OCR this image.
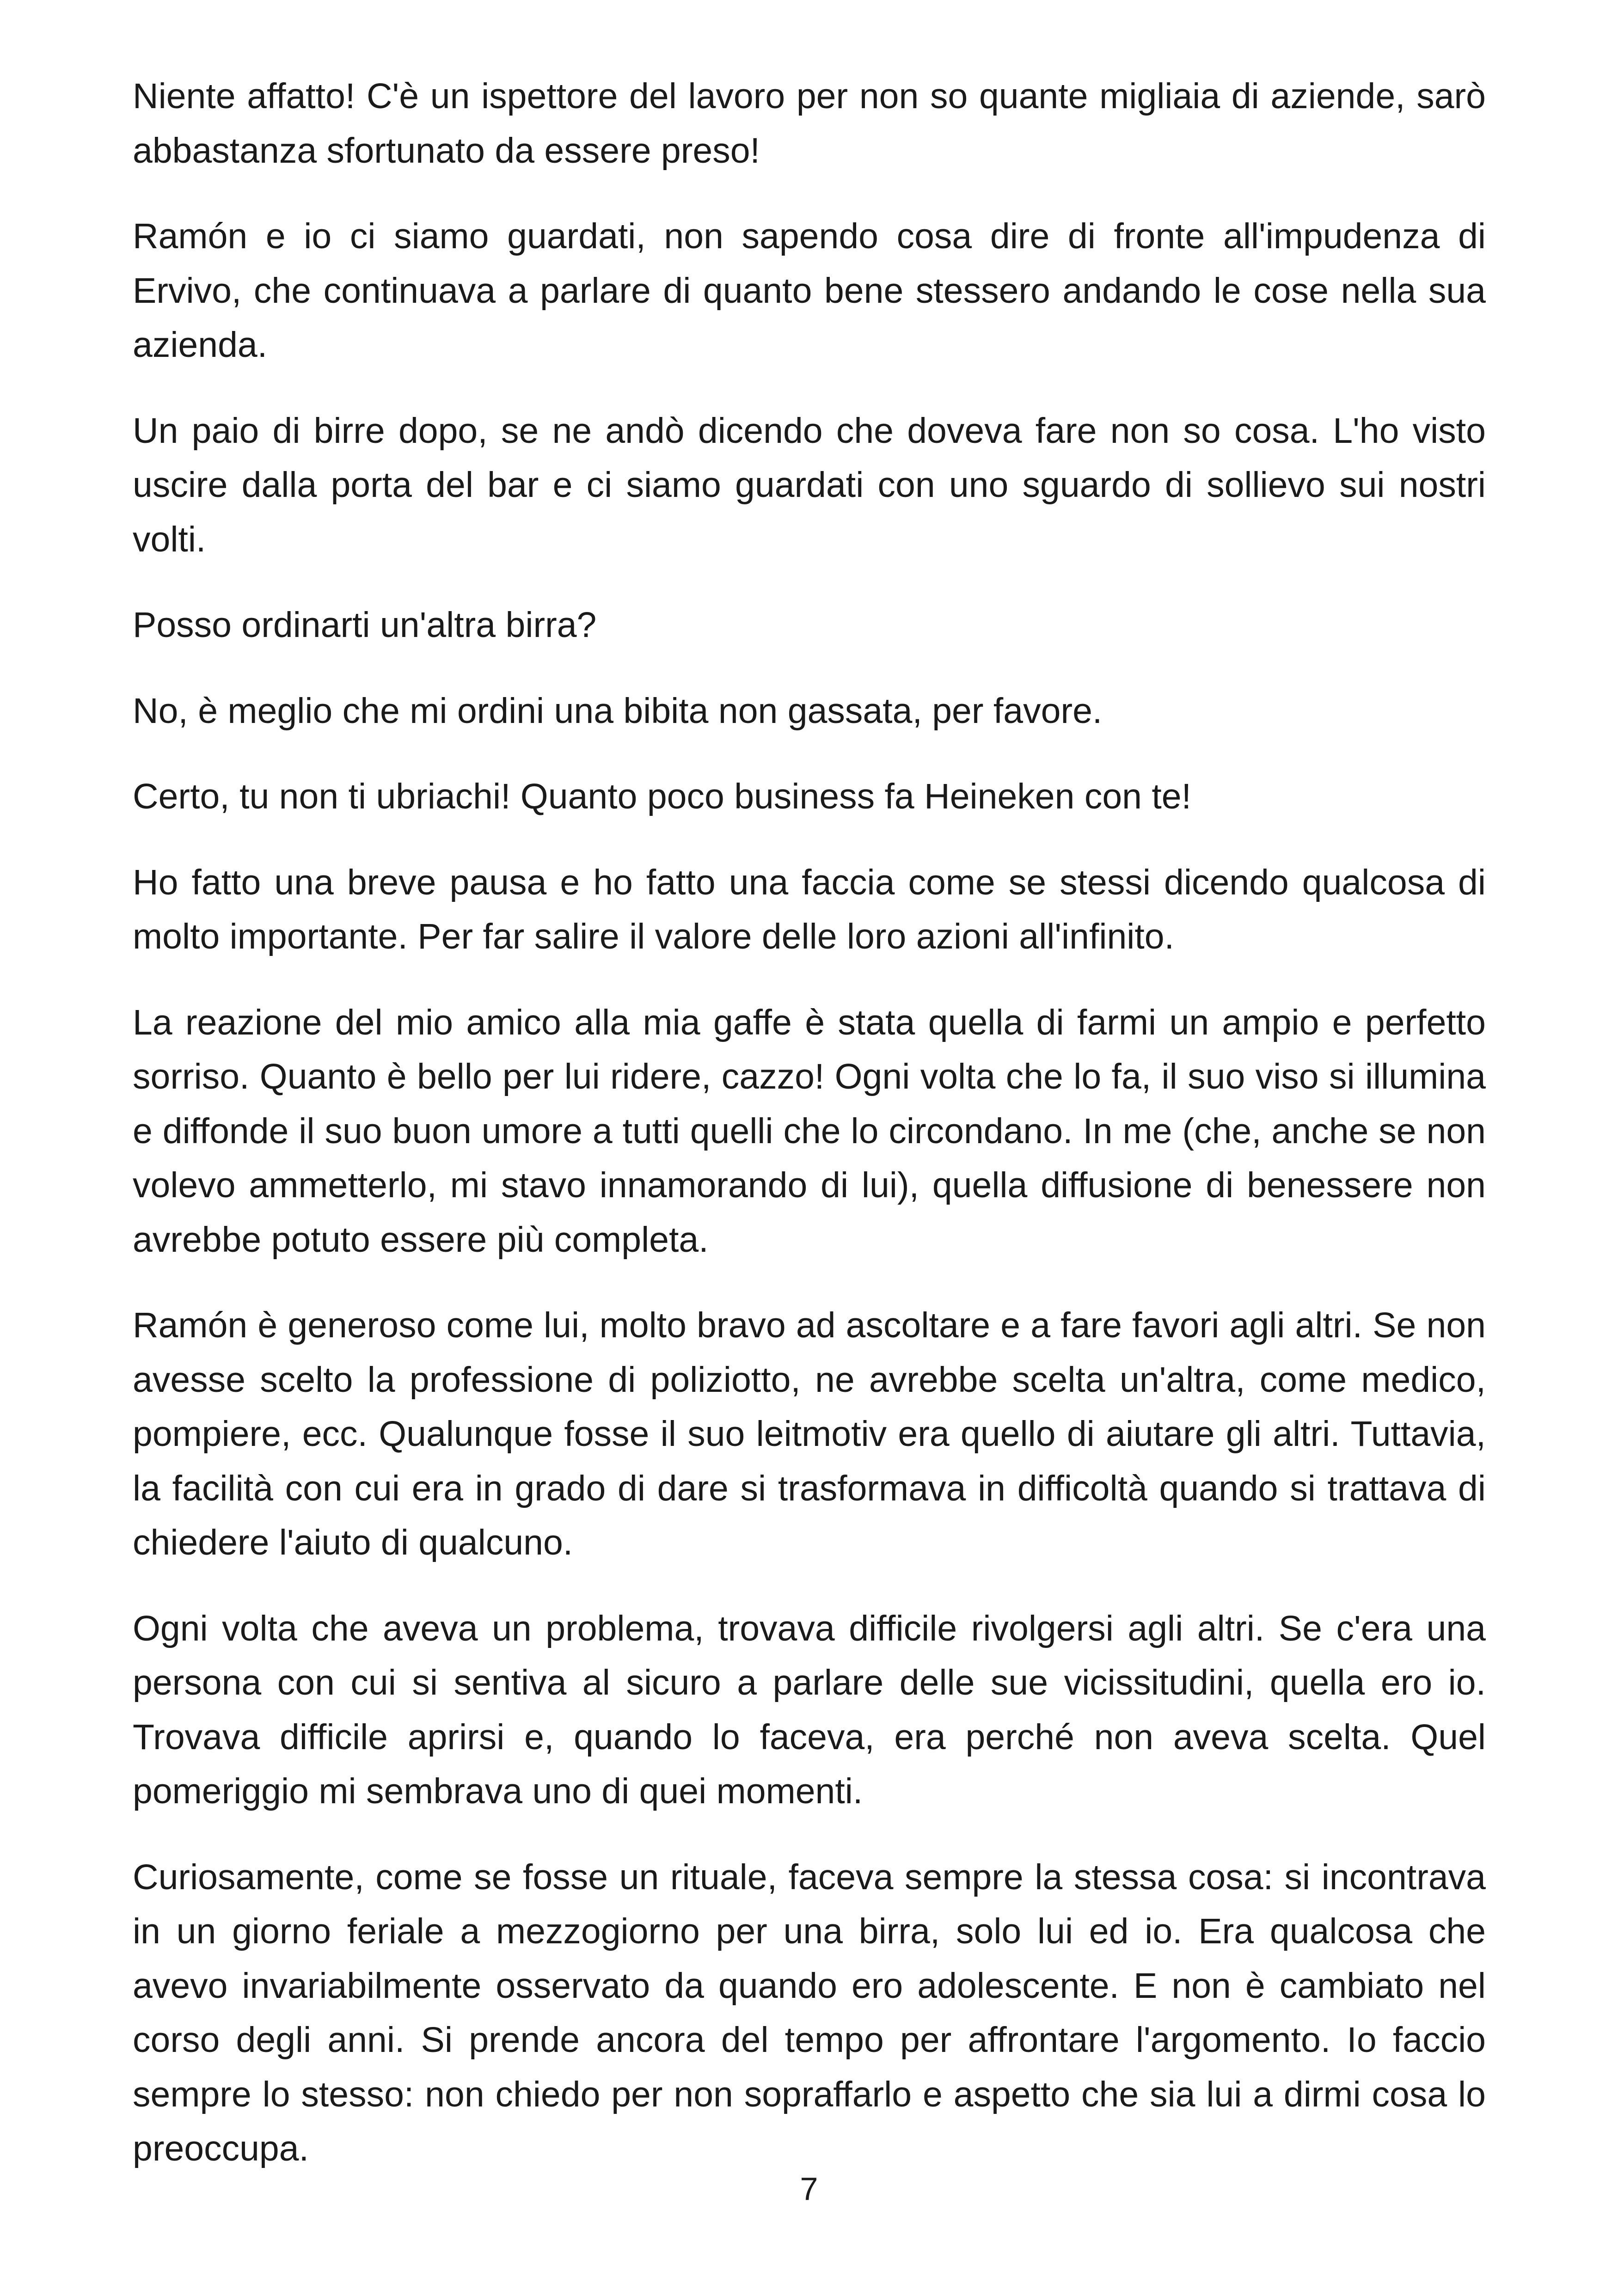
Niente affatto! C'è un ispettore del lavoro per non so quante migliaia di aziende, sarò abbastanza sfortunato da essere preso!

Ramón e io ci siamo guardati, non sapendo cosa dire di fronte all'impudenza di Ervivo, che continuava a parlare di quanto bene stessero andando le cose nella sua azienda.

Un paio di birre dopo, se ne andò dicendo che doveva fare non so cosa. L'ho visto uscire dalla porta del bar e ci siamo guardati con uno sguardo di sollievo sui nostri volti.

Posso ordinarti un'altra birra?

No, è meglio che mi ordini una bibita non gassata, per favore.

Certo, tu non ti ubriachi! Quanto poco business fa Heineken con te!

Ho fatto una breve pausa e ho fatto una faccia come se stessi dicendo qualcosa di molto importante. Per far salire il valore delle loro azioni all'infinito.

La reazione del mio amico alla mia gaffe è stata quella di farmi un ampio e perfetto sorriso. Quanto è bello per lui ridere, cazzo! Ogni volta che lo fa, il suo viso si illumina e diffonde il suo buon umore a tutti quelli che lo circondano. In me (che, anche se non volevo ammetterlo, mi stavo innamorando di lui), quella diffusione di benessere non avrebbe potuto essere più completa.

Ramón è generoso come lui, molto bravo ad ascoltare e a fare favori agli altri. Se non avesse scelto la professione di poliziotto, ne avrebbe scelta un'altra, come medico, pompiere, ecc. Qualunque fosse il suo leitmotiv era quello di aiutare gli altri. Tuttavia, la facilità con cui era in grado di dare si trasformava in difficoltà quando si trattava di chiedere l'aiuto di qualcuno.

Ogni volta che aveva un problema, trovava difficile rivolgersi agli altri. Se c'era una persona con cui si sentiva al sicuro a parlare delle sue vicissitudini, quella ero io. Trovava difficile aprirsi e, quando lo faceva, era perché non aveva scelta. Quel pomeriggio mi sembrava uno di quei momenti.

Curiosamente, come se fosse un rituale, faceva sempre la stessa cosa: si incontrava in un giorno feriale a mezzogiorno per una birra, solo lui ed io. Era qualcosa che avevo invariabilmente osservato da quando ero adolescente. E non è cambiato nel corso degli anni. Si prende ancora del tempo per affrontare l'argomento. Io faccio sempre lo stesso: non chiedo per non sopraffarlo e aspetto che sia lui a dirmi cosa lo preoccupa.

7
